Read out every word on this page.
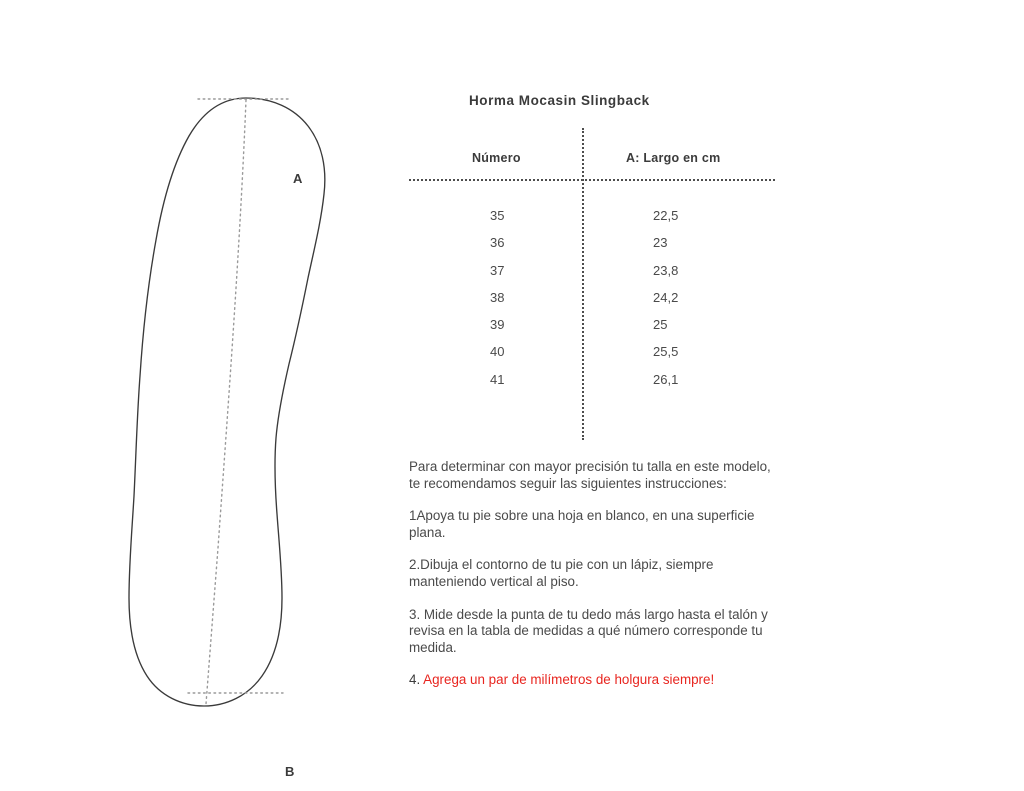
A
B
Horma Mocasin Slingback
Número	A: Largo en cm
35	22,5
36	23
37	23,8
38	24,2
39	25
40	25,5
41	26,1

Para determinar con mayor precisión tu talla en este modelo, te recomendamos seguir las siguientes instrucciones:

1Apoya tu pie sobre una hoja en blanco, en una superficie plana.

2.Dibuja el contorno de tu pie con un lápiz, siempre manteniendo vertical al piso.

3. Mide desde la punta de tu dedo más largo hasta el talón y revisa en la tabla de medidas a qué número corresponde tu medida.

4. Agrega un par de milímetros de holgura siempre!
